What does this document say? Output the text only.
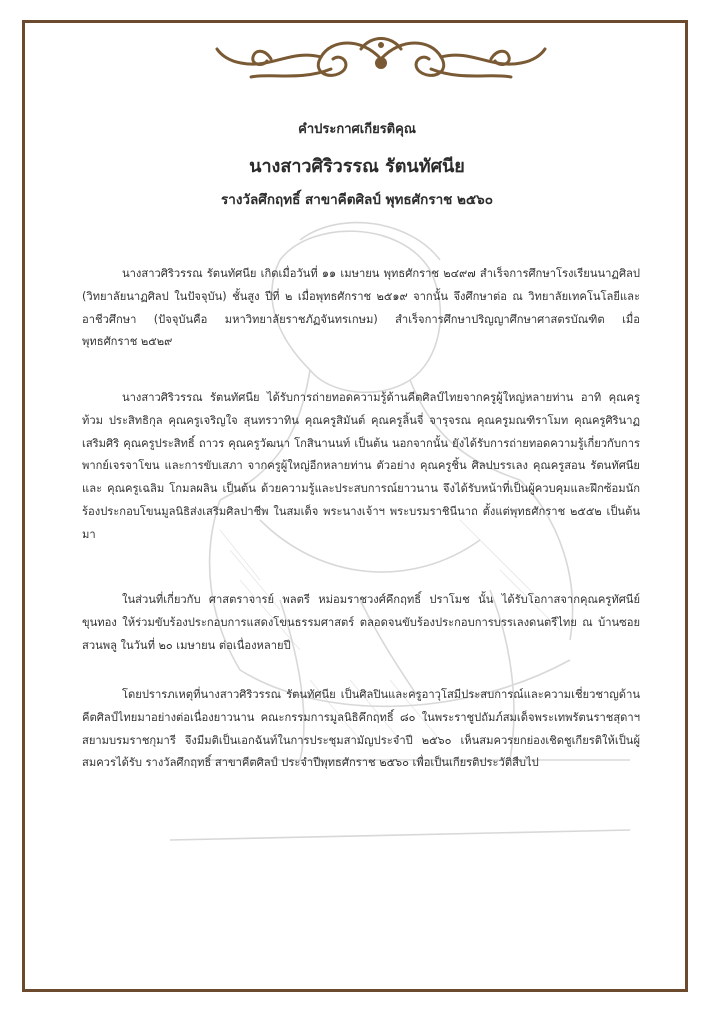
คำประกาศเกียรติคุณ
นางสาวศิริวรรณ รัตนทัศนีย
รางวัลศึกฤทธิ์ สาขาคีตศิลป์ พุทธศักราช ๒๕๖๐
นางสาวศิริวรรณ รัตนทัศนีย เกิดเมื่อวันที่ ๑๑ เมษายน พุทธศักราช ๒๔๙๗ สำเร็จการศึกษาโรงเรียนนาฏศิลป (วิทยาลัยนาฏศิลป ในปัจจุบัน) ชั้นสูง ปีที่ ๒ เมื่อพุทธศักราช ๒๕๑๙ จากนั้น จึงศึกษาต่อ ณ วิทยาลัยเทคโนโลยีและอาชีวศึกษา (ปัจจุบันคือ มหาวิทยาลัยราชภัฏจันทรเกษม) สำเร็จการศึกษาปริญญาศึกษาศาสตรบัณฑิต เมื่อพุทธศักราช ๒๕๒๙
นางสาวศิริวรรณ รัตนทัศนีย ได้รับการถ่ายทอดความรู้ด้านคีตศิลป์ไทยจากครูผู้ใหญ่หลายท่าน อาทิ คุณครูท้วม ประสิทธิกุล คุณครูเจริญใจ สุนทรวาทิน คุณครูสิมันต์ คุณครูลิ้นจี่ จารุจรณ คุณครูมณฑิราโมท คุณครูศิรินาฏ เสริมศิริ คุณครูประสิทธิ์ ถาวร คุณครูวัฒนา โกสินานนท์ เป็นต้น นอกจากนั้น ยังได้รับการถ่ายทอดความรู้เกี่ยวกับการพากย์เจรจาโขน และการขับเสภา จากครูผู้ใหญ่อีกหลายท่าน ตัวอย่าง คุณครูชิ้น ศิลปบรรเลง คุณครูสอน รัตนทัศนีย และ คุณครูเฉลิม โกมลผลิน เป็นต้น ด้วยความรู้และประสบการณ์ยาวนาน จึงได้รับหน้าที่เป็นผู้ควบคุมและฝึกซ้อมนักร้องประกอบโขนมูลนิธิส่งเสริมศิลปาชีพ ในสมเด็จ พระนางเจ้าฯ พระบรมราชินีนาถ ตั้งแต่พุทธศักราช ๒๕๕๒ เป็นต้นมา
ในส่วนที่เกี่ยวกับ ศาสตราจารย์ พลตรี หม่อมราชวงศ์คึกฤทธิ์ ปราโมช นั้น ได้รับโอกาสจากคุณครูทัศนีย์ ขุนทอง ให้ร่วมขับร้องประกอบการแสดงโขนธรรมศาสตร์ ตลอดจนขับร้องประกอบการบรรเลงดนตรีไทย ณ บ้านซอยสวนพลู ในวันที่ ๒๐ เมษายน ต่อเนื่องหลายปี
โดยปรารภเหตุที่นางสาวศิริวรรณ รัตนทัศนีย เป็นศิลปินและครูอาวุโสมีประสบการณ์และความเชี่ยวชาญด้านคีตศิลป์ไทยมาอย่างต่อเนื่องยาวนาน คณะกรรมการมูลนิธิคึกฤทธิ์ ๘๐ ในพระราชูปถัมภ์สมเด็จพระเทพรัตนราชสุดาฯ สยามบรมราชกุมารี จึงมีมติเป็นเอกฉันท์ในการประชุมสามัญประจำปี ๒๕๖๐ เห็นสมควรยกย่องเชิดชูเกียรติให้เป็นผู้สมควรได้รับ รางวัลศึกฤทธิ์ สาขาคีตศิลป์ ประจำปีพุทธศักราช ๒๕๖๐ เพื่อเป็นเกียรติประวัติสืบไป
